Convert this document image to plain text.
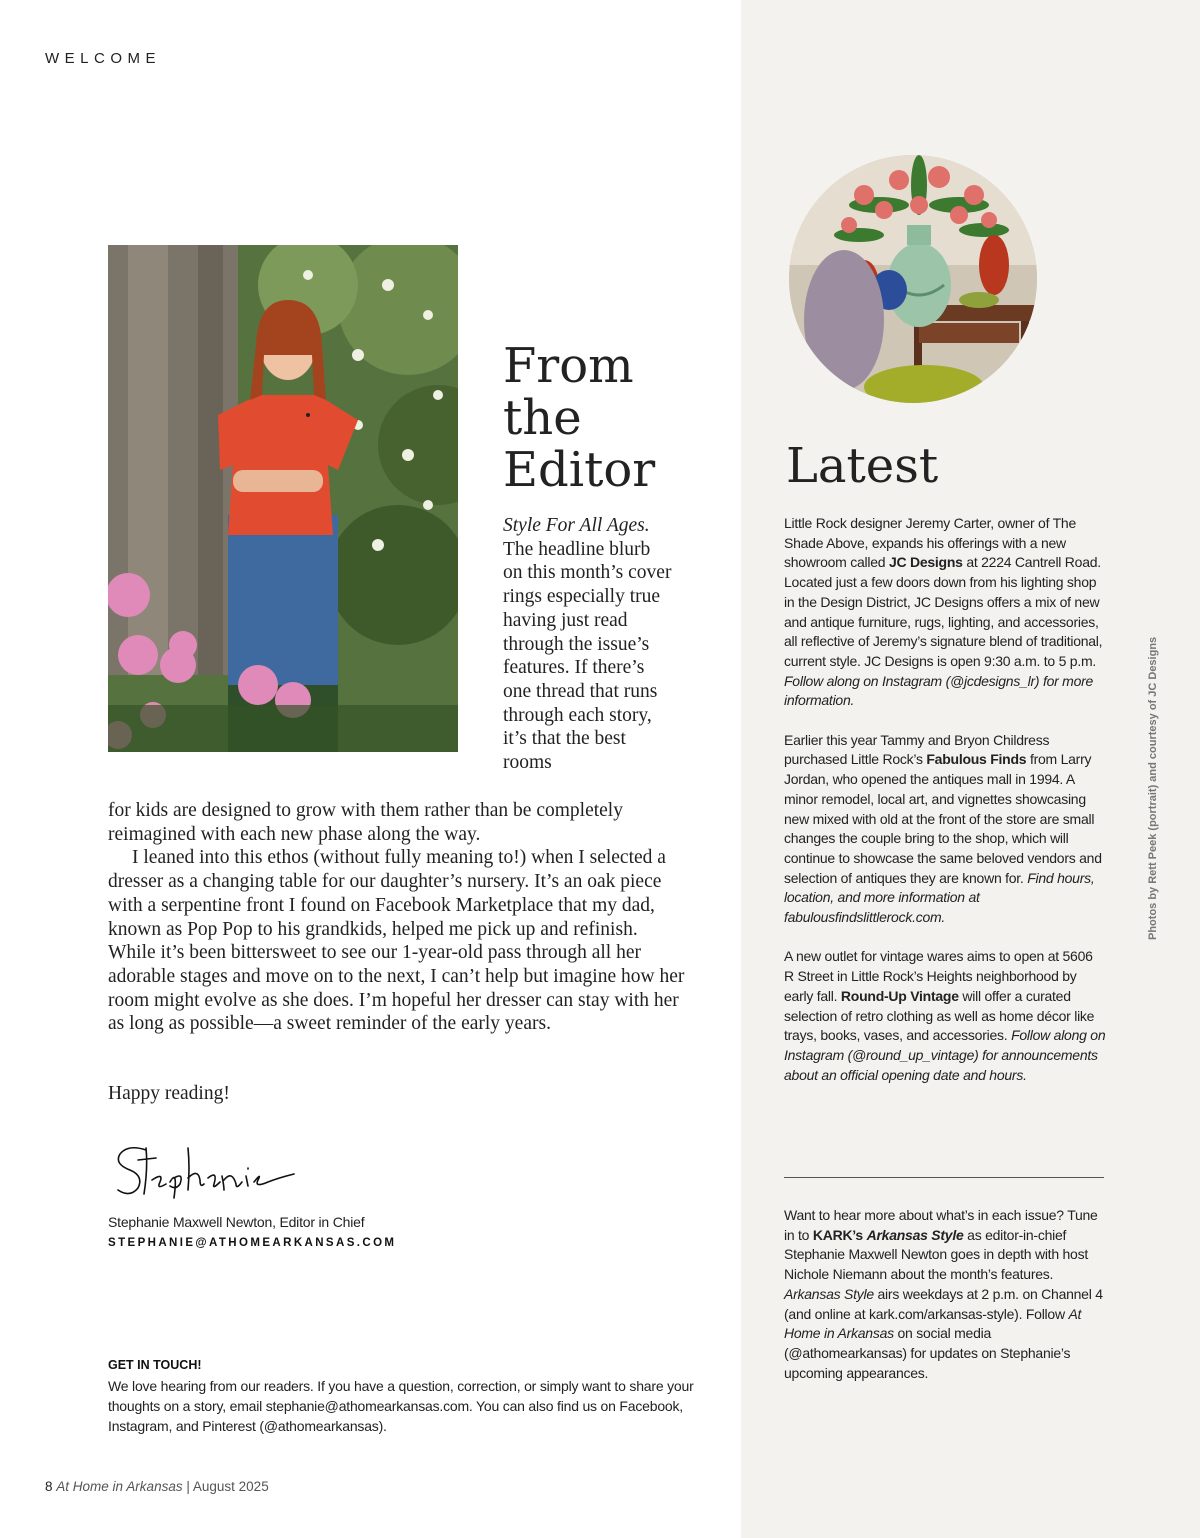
WELCOME
From
the
Editor
Style For All Ages. The headline blurb on this month’s cover rings especially true having just read through the issue’s features. If there’s one thread that runs through each story, it’s that the best rooms

for kids are designed to grow with them rather than be completely reimagined with each new phase along the way.

I leaned into this ethos (without fully meaning to!) when I selected a dresser as a changing table for our daughter’s nursery. It’s an oak piece with a serpentine front I found on Facebook Marketplace that my dad, known as Pop Pop to his grandkids, helped me pick up and refinish. While it’s been bittersweet to see our 1-year-old pass through all her adorable stages and move on to the next, I can’t help but imagine how her room might evolve as she does. I’m hopeful her dresser can stay with her as long as possible—a sweet reminder of the early years.

Happy reading!
Stephanie Maxwell Newton, Editor in Chief
STEPHANIE@ATHOMEARKANSAS.COM
GET IN TOUCH!
We love hearing from our readers. If you have a question, correction, or simply want to share your thoughts on a story, email stephanie@athomearkansas.com. You can also find us on Facebook, Instagram, and Pinterest (@athomearkansas).
8 At Home in Arkansas | August 2025
Latest

Little Rock designer Jeremy Carter, owner of The Shade Above, expands his offerings with a new showroom called JC Designs at 2224 Cantrell Road. Located just a few doors down from his lighting shop in the Design District, JC Designs offers a mix of new and antique furniture, rugs, lighting, and accessories, all reflective of Jeremy’s signature blend of traditional, current style. JC Designs is open 9:30 a.m. to 5 p.m. Follow along on Instagram (@jcdesigns_lr) for more information.

Earlier this year Tammy and Bryon Childress purchased Little Rock’s Fabulous Finds from Larry Jordan, who opened the antiques mall in 1994. A minor remodel, local art, and vignettes showcasing new mixed with old at the front of the store are small changes the couple bring to the shop, which will continue to showcase the same beloved vendors and selection of antiques they are known for. Find hours, location, and more information at fabulousfindslittlerock.com.

A new outlet for vintage wares aims to open at 5606 R Street in Little Rock’s Heights neighborhood by early fall. Round-Up Vintage will offer a curated selection of retro clothing as well as home décor like trays, books, vases, and accessories. Follow along on Instagram (@round_up_vintage) for announcements about an official opening date and hours.

Want to hear more about what’s in each issue? Tune in to KARK’s Arkansas Style as editor-in-chief Stephanie Maxwell Newton goes in depth with host Nichole Niemann about the month’s features. Arkansas Style airs weekdays at 2 p.m. on Channel 4 (and online at kark.com/arkansas-style). Follow At Home in Arkansas on social media (@athomearkansas) for updates on Stephanie’s upcoming appearances.
Photos by Rett Peek (portrait) and courtesy of JC Designs
